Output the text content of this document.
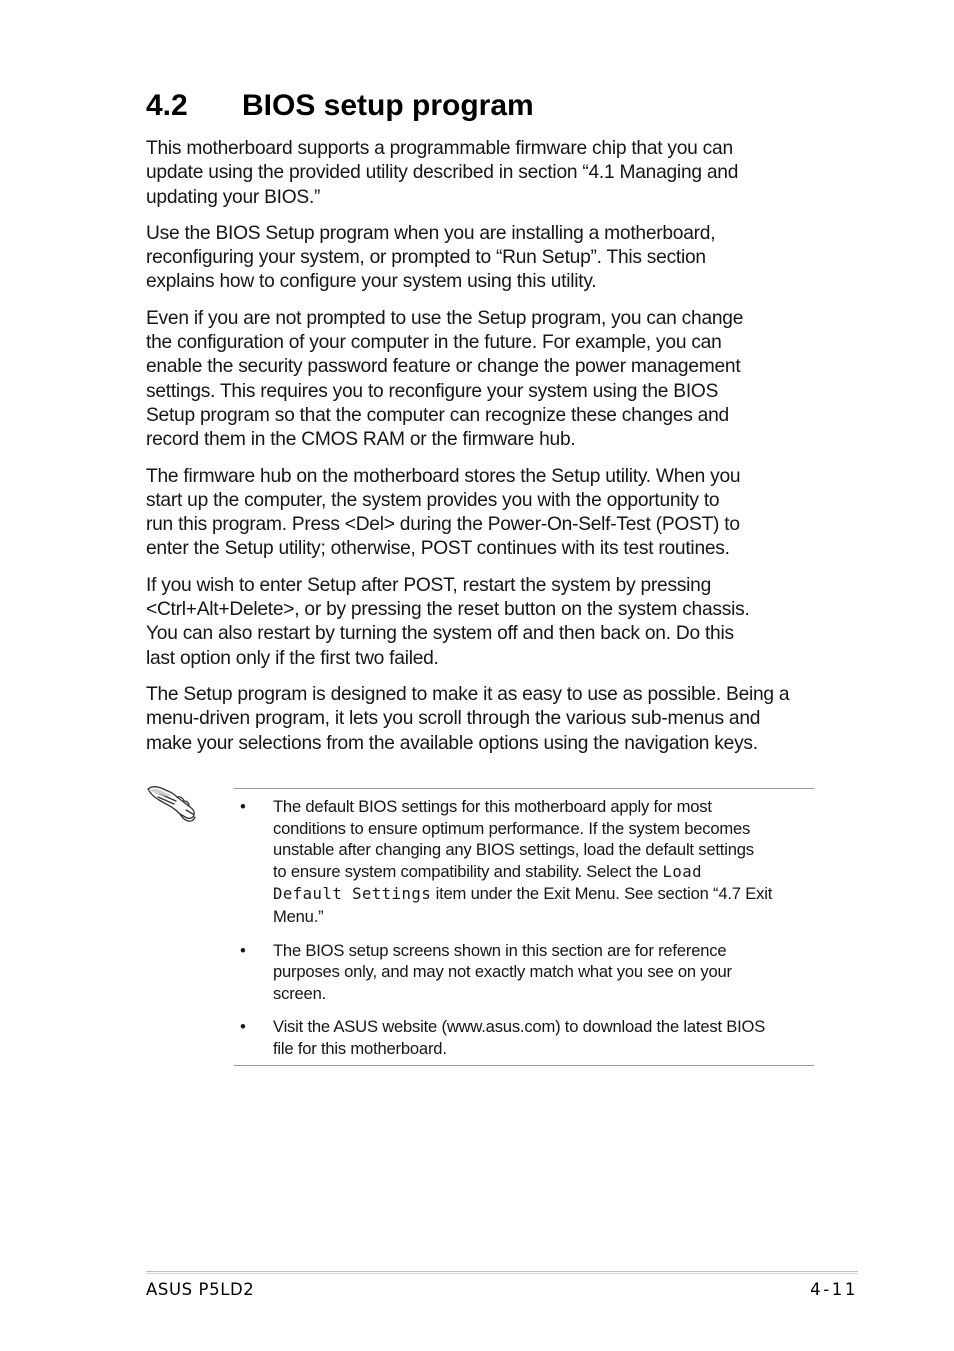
4.2 BIOS setup program

This motherboard supports a programmable firmware chip that you can
update using the provided utility described in section “4.1 Managing and
updating your BIOS.”

Use the BIOS Setup program when you are installing a motherboard,
reconfiguring your system, or prompted to “Run Setup”. This section
explains how to configure your system using this utility.

Even if you are not prompted to use the Setup program, you can change
the configuration of your computer in the future. For example, you can
enable the security password feature or change the power management
settings. This requires you to reconfigure your system using the BIOS
Setup program so that the computer can recognize these changes and
record them in the CMOS RAM or the firmware hub.

The firmware hub on the motherboard stores the Setup utility. When you
start up the computer, the system provides you with the opportunity to
run this program. Press <Del> during the Power-On-Self-Test (POST) to
enter the Setup utility; otherwise, POST continues with its test routines.

If you wish to enter Setup after POST, restart the system by pressing
<Ctrl+Alt+Delete>, or by pressing the reset button on the system chassis.
You can also restart by turning the system off and then back on. Do this
last option only if the first two failed.

The Setup program is designed to make it as easy to use as possible. Being a
menu-driven program, it lets you scroll through the various sub-menus and
make your selections from the available options using the navigation keys.

• The default BIOS settings for this motherboard apply for most
conditions to ensure optimum performance. If the system becomes
unstable after changing any BIOS settings, load the default settings
to ensure system compatibility and stability. Select the Load
Default Settings item under the Exit Menu. See section “4.7 Exit
Menu.”
• The BIOS setup screens shown in this section are for reference
purposes only, and may not exactly match what you see on your
screen.
• Visit the ASUS website (www.asus.com) to download the latest BIOS
file for this motherboard.
ASUS P5LD2	4-11
